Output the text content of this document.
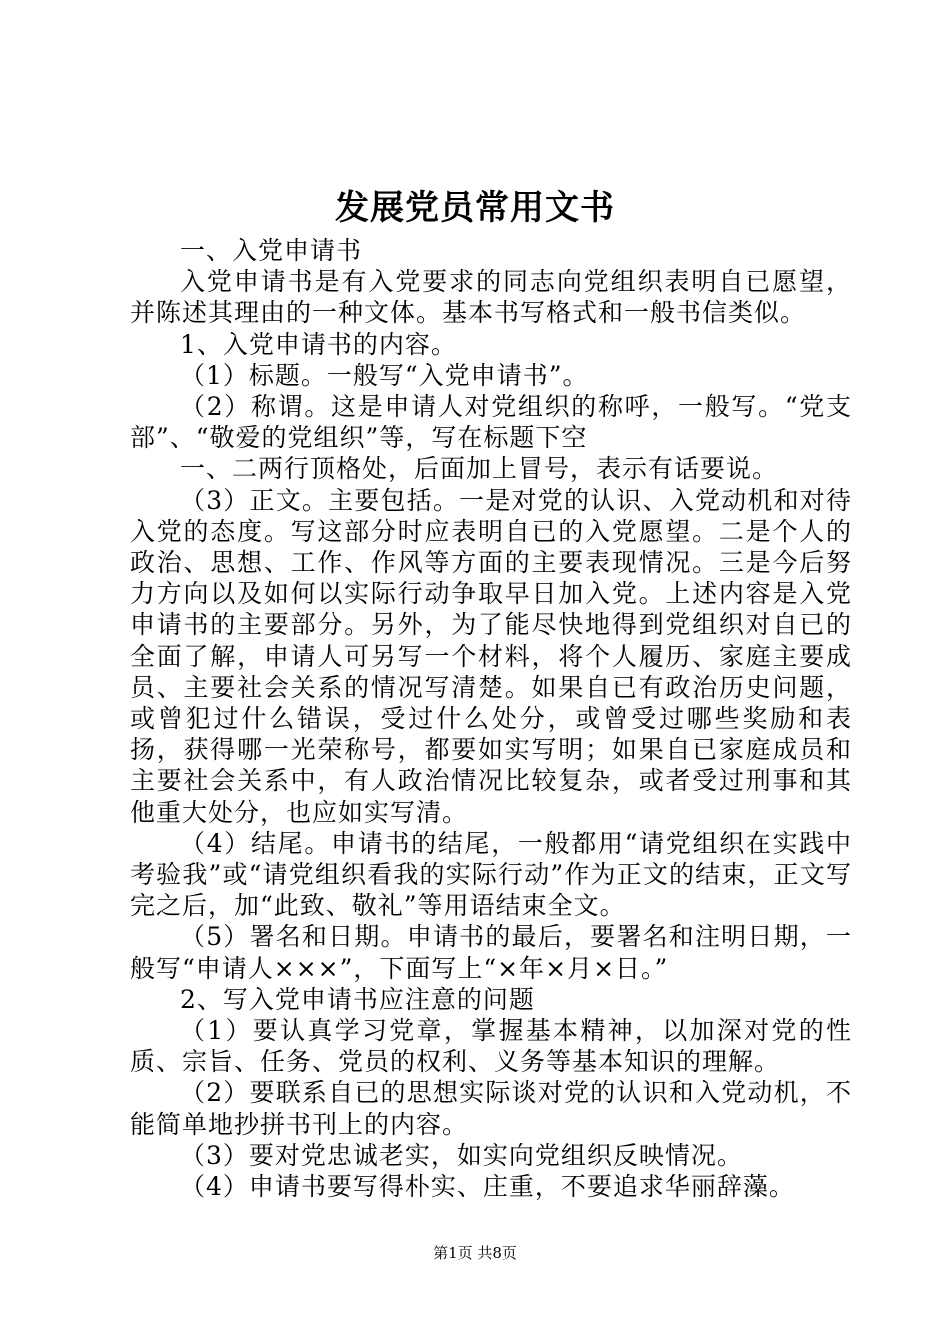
发展党员常用文书

一、入党申请书

入党申请书是有入党要求的同志向党组织表明自已愿望，并陈述其理由的一种文体。基本书写格式和一般书信类似。

1、入党申请书的内容。

（1）标题。一般写“入党申请书”。

（2）称谓。这是申请人对党组织的称呼，一般写。“党支部”、“敬爱的党组织”等，写在标题下空

一、二两行顶格处，后面加上冒号，表示有话要说。

（3）正文。主要包括。一是对党的认识、入党动机和对待入党的态度。写这部分时应表明自已的入党愿望。二是个人的政治、思想、工作、作风等方面的主要表现情况。三是今后努力方向以及如何以实际行动争取早日加入党。上述内容是入党申请书的主要部分。另外，为了能尽快地得到党组织对自已的全面了解，申请人可另写一个材料，将个人履历、家庭主要成员、主要社会关系的情况写清楚。如果自已有政治历史问题，或曾犯过什么错误，受过什么处分，或曾受过哪些奖励和表扬，获得哪一光荣称号，都要如实写明；如果自已家庭成员和主要社会关系中，有人政治情况比较复杂，或者受过刑事和其他重大处分，也应如实写清。

（4）结尾。申请书的结尾，一般都用“请党组织在实践中考验我”或“请党组织看我的实际行动”作为正文的结束，正文写完之后，加“此致、敬礼”等用语结束全文。

（5）署名和日期。申请书的最后，要署名和注明日期，一般写“申请人×××”，下面写上“×年×月×日。”

2、写入党申请书应注意的问题

（1）要认真学习党章，掌握基本精神，以加深对党的性质、宗旨、任务、党员的权利、义务等基本知识的理解。

（2）要联系自已的思想实际谈对党的认识和入党动机，不能简单地抄拼书刊上的内容。

（3）要对党忠诚老实，如实向党组织反映情况。

（4）申请书要写得朴实、庄重，不要追求华丽辞藻。

第1页 共8页
